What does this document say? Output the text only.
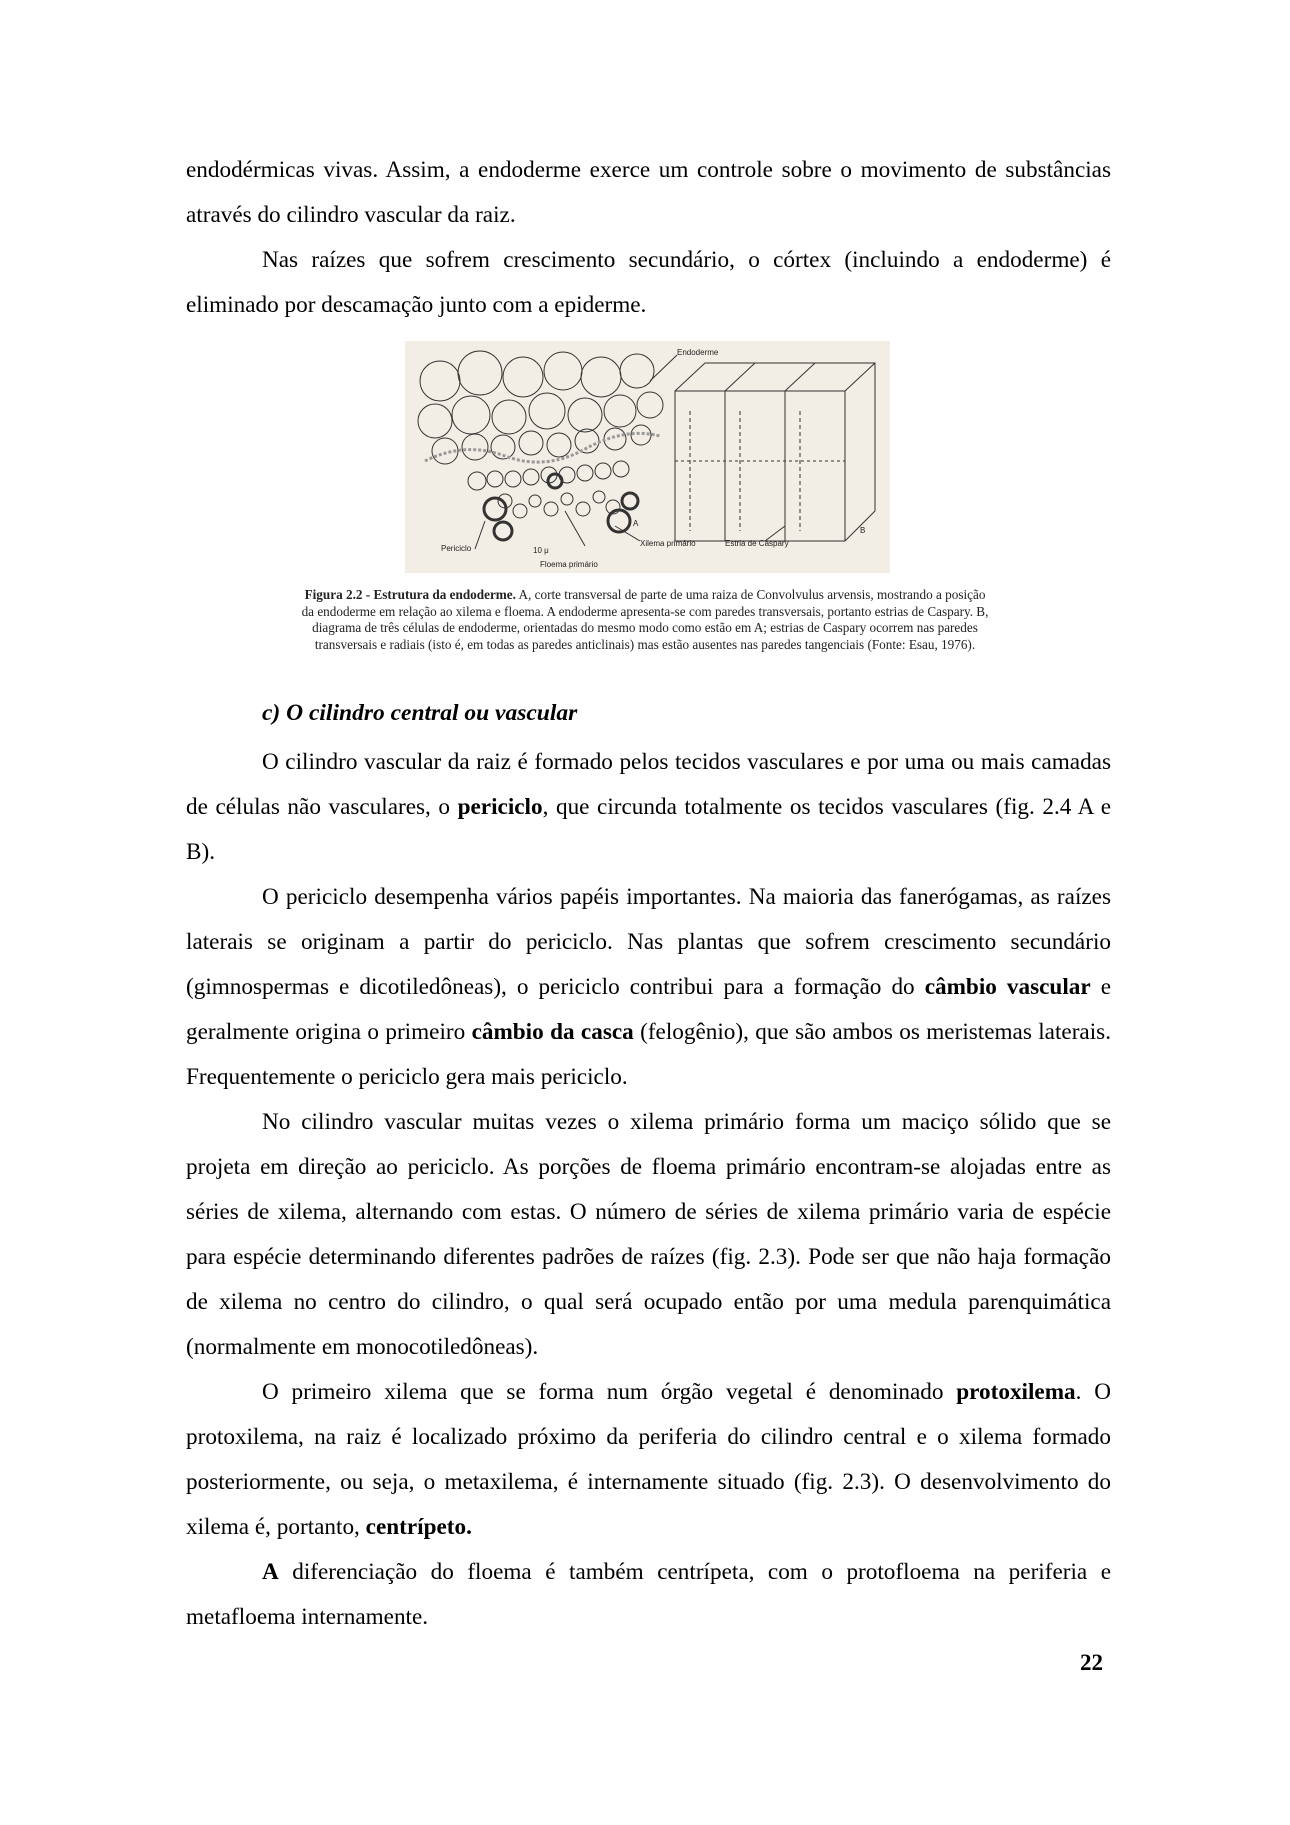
endodérmicas vivas. Assim, a endoderme exerce um controle sobre o movimento de substâncias através do cilindro vascular da raiz.

Nas raízes que sofrem crescimento secundário, o córtex (incluindo a endoderme) é eliminado por descamação junto com a epiderme.

Endoderme
Periciclo	10 μ
Floema primário
Xilema primário	Estria de Caspary
A
B
Figura 2.2 - Estrutura da endoderme. A, corte transversal de parte de uma raiza de Convolvulus arvensis, mostrando a posição da endoderme em relação ao xilema e floema. A endoderme apresenta-se com paredes transversais, portanto estrias de Caspary. B, diagrama de três células de endoderme, orientadas do mesmo modo como estão em A; estrias de Caspary ocorrem nas paredes transversais e radiais (isto é, em todas as paredes anticlinais) mas estão ausentes nas paredes tangenciais (Fonte: Esau, 1976).
c) O cilindro central ou vascular

O cilindro vascular da raiz é formado pelos tecidos vasculares e por uma ou mais camadas de células não vasculares, o periciclo, que circunda totalmente os tecidos vasculares (fig. 2.4 A e B).

O periciclo desempenha vários papéis importantes. Na maioria das fanerógamas, as raízes laterais se originam a partir do periciclo. Nas plantas que sofrem crescimento secundário (gimnospermas e dicotiledôneas), o periciclo contribui para a formação do câmbio vascular e geralmente origina o primeiro câmbio da casca (felogênio), que são ambos os meristemas laterais. Frequentemente o periciclo gera mais periciclo.

No cilindro vascular muitas vezes o xilema primário forma um maciço sólido que se projeta em direção ao periciclo. As porções de floema primário encontram-se alojadas entre as séries de xilema, alternando com estas. O número de séries de xilema primário varia de espécie para espécie determinando diferentes padrões de raízes (fig. 2.3). Pode ser que não haja formação de xilema no centro do cilindro, o qual será ocupado então por uma medula parenquimática (normalmente em monocotiledôneas).

O primeiro xilema que se forma num órgão vegetal é denominado protoxilema. O protoxilema, na raiz é localizado próximo da periferia do cilindro central e o xilema formado posteriormente, ou seja, o metaxilema, é internamente situado (fig. 2.3). O desenvolvimento do xilema é, portanto, centrípeto.

A diferenciação do floema é também centrípeta, com o protofloema na periferia e metafloema internamente.

22
